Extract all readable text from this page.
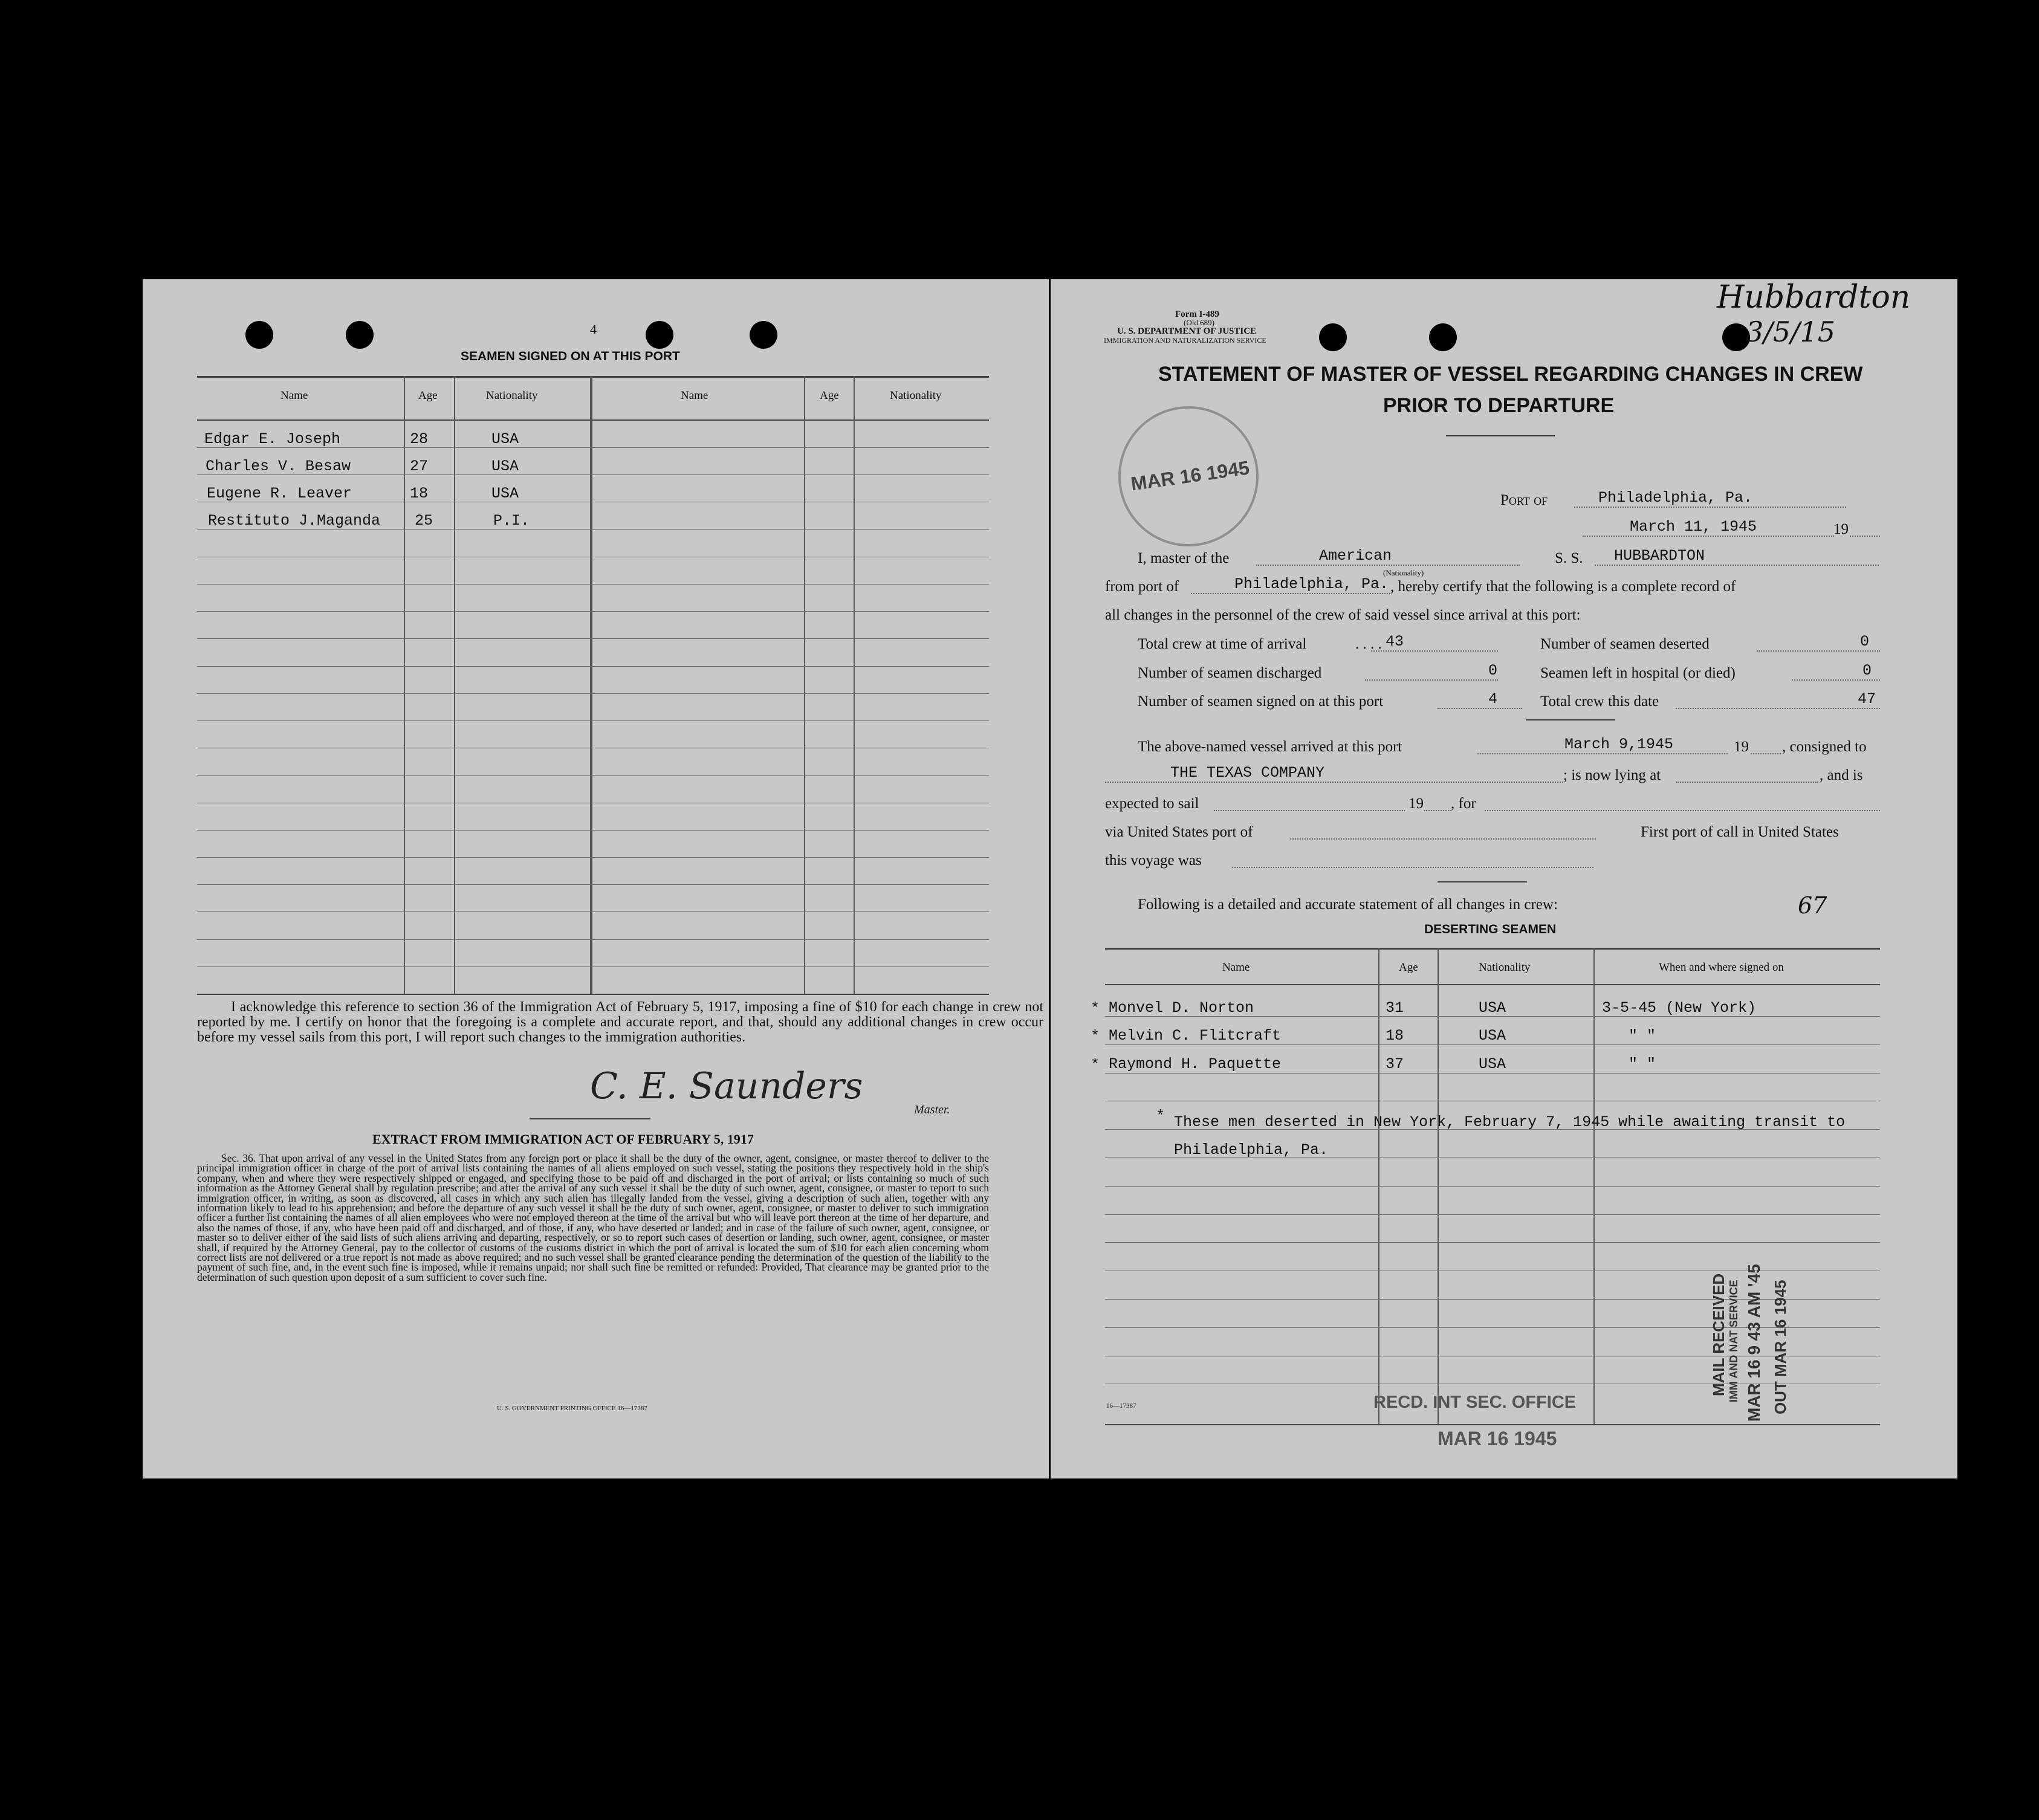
4
SEAMEN SIGNED ON AT THIS PORT
Name	Age	Nationality	Name	Age	Nationality
Edgar E. Joseph	28	USA
Charles V. Besaw	27	USA
Eugene R. Leaver	18	USA
Restituto J.Maganda 25	P.I.
I acknowledge this reference to section 36 of the Immigration Act of February 5, 1917, imposing a fine of $10 for each change in crew not reported by me. I certify on honor that the foregoing is a complete and accurate report, and that, should any additional changes in crew occur before my vessel sails from this port, I will report such changes to the immigration authorities.
C. E. Saunders
Master.
EXTRACT FROM IMMIGRATION ACT OF FEBRUARY 5, 1917
Sec. 36. That upon arrival of any vessel in the United States from any foreign port or place it shall be the duty of the owner, agent, consignee, or master thereof to deliver to the principal immigration officer in charge of the port of arrival lists containing the names of all aliens employed on such vessel, stating the positions they respectively hold in the ship's company, when and where they were respectively shipped or engaged, and specifying those to be paid off and discharged in the port of arrival; or lists containing so much of such information as the Attorney General shall by regulation prescribe; and after the arrival of any such vessel it shall be the duty of such owner, agent, consignee, or master to report to such immigration officer, in writing, as soon as discovered, all cases in which any such alien has illegally landed from the vessel, giving a description of such alien, together with any information likely to lead to his apprehension; and before the departure of any such vessel it shall be the duty of such owner, agent, consignee, or master to deliver to such immigration officer a further list containing the names of all alien employees who were not employed thereon at the time of the arrival but who will leave port thereon at the time of her departure, and also the names of those, if any, who have been paid off and discharged, and of those, if any, who have deserted or landed; and in case of the failure of such owner, agent, consignee, or master so to deliver either of the said lists of such aliens arriving and departing, respectively, or so to report such cases of desertion or landing, such owner, agent, consignee, or master shall, if required by the Attorney General, pay to the collector of customs of the customs district in which the port of arrival is located the sum of $10 for each alien concerning whom correct lists are not delivered or a true report is not made as above required; and no such vessel shall be granted clearance pending the determination of the question of the liability to the payment of such fine, and, in the event such fine is imposed, while it remains unpaid; nor shall such fine be remitted or refunded: Provided, That clearance may be granted prior to the determination of such question upon deposit of a sum sufficient to cover such fine.
U. S. GOVERNMENT PRINTING OFFICE 16—17387
Form I-489
(Old 689)
U. S. DEPARTMENT OF JUSTICE
IMMIGRATION AND NATURALIZATION SERVICE
Hubbardton
3/5/15
STATEMENT OF MASTER OF VESSEL REGARDING CHANGES IN CREW
PRIOR TO DEPARTURE
MAR 16 1945
Port of	Philadelphia, Pa.
March 11, 1945	19
I, master of the	American
(Nationality)
S. S. HUBBARDTON
from port of	Philadelphia, Pa. , hereby certify that the following is a complete record of
all changes in the personnel of the crew of said vessel since arrival at this port:
Total crew at time of arrival	. . . . 43	Number of seamen deserted	0
Number of seamen discharged	0	Seamen left in hospital (or died)	0
Number of seamen signed on at this port	4	Total crew this date	47
The above-named vessel arrived at this port	March 9,1945	19 , consigned to
THE TEXAS COMPANY	; is now lying at	, and is
expected to sail	19 , for
via United States port of	First port of call in United States
this voyage was
Following is a detailed and accurate statement of all changes in crew:	67
DESERTING SEAMEN
Name	Age	Nationality	When and where signed on
* Monvel D. Norton	31	USA	3-5-45 (New York)
* Melvin C. Flitcraft	18	USA	" "
* Raymond H. Paquette	37	USA	" "
* These men deserted in New York, February 7, 1945 while awaiting transit to
Philadelphia, Pa.
16—17387	RECD. INT SEC. OFFICE
MAR 16 1945
MAIL RECEIVED IMM AND NAT SERVICE MAR 16 9 43 AM '45 OUT MAR 16 1945
